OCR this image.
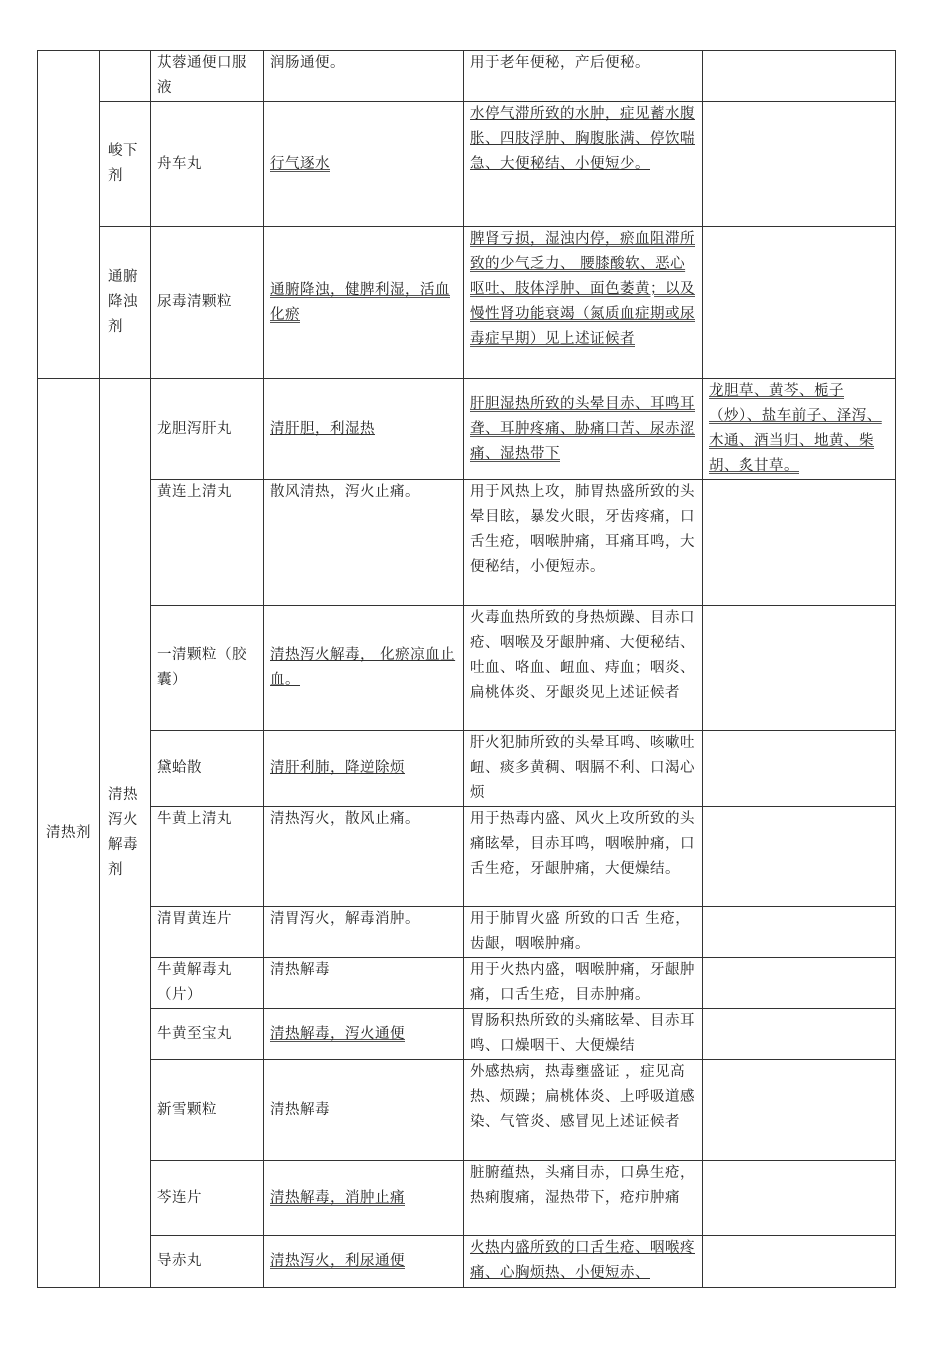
		苁蓉通便口服液	润肠通便。	用于老年便秘，产后便秘。	
	峻下剂	舟车丸	行气逐水	水停气滞所致的水肿，症见蓄水腹胀、四肢浮肿、胸腹胀满、停饮喘急、大便秘结、小便短少。	
	通腑降浊剂	尿毒清颗粒	通腑降浊，健脾利湿，活血化瘀	脾肾亏损，湿浊内停，瘀血阻滞所致的少气乏力、 腰膝酸软、恶心呕吐、肢体浮肿、面色萎黄；以及慢性肾功能衰竭（氮质血症期或尿毒症早期）见上述证候者	
清热剂	清热泻火解毒剂	龙胆泻肝丸	清肝胆，利湿热	肝胆湿热所致的头晕目赤、耳鸣耳聋、耳肿疼痛、胁痛口苦、尿赤涩痛、湿热带下	龙胆草、黄芩、栀子（炒）、盐车前子、泽泻、木通、酒当归、地黄、柴胡、炙甘草。
		黄连上清丸	散风清热，泻火止痛。	用于风热上攻，肺胃热盛所致的头晕目眩，暴发火眼，牙齿疼痛，口舌生疮，咽喉肿痛，耳痛耳鸣，大便秘结，小便短赤。	
		一清颗粒（胶囊）	清热泻火解毒， 化瘀凉血止血。	火毒血热所致的身热烦躁、目赤口疮、咽喉及牙龈肿痛、大便秘结、吐血、咯血、衄血、痔血；咽炎、扁桃体炎、牙龈炎见上述证候者	
		黛蛤散	清肝利肺，降逆除烦	肝火犯肺所致的头晕耳鸣、咳嗽吐衄、痰多黄稠、咽膈不利、口渴心烦	
		牛黄上清丸	清热泻火，散风止痛。	用于热毒内盛、风火上攻所致的头痛眩晕，目赤耳鸣，咽喉肿痛，口舌生疮，牙龈肿痛，大便燥结。	
		清胃黄连片	清胃泻火，解毒消肿。	用于肺胃火盛 所致的口舌 生疮，齿龈，咽喉肿痛。	
		牛黄解毒丸（片）	清热解毒	用于火热内盛，咽喉肿痛，牙龈肿痛，口舌生疮，目赤肿痛。	
		牛黄至宝丸	清热解毒，泻火通便	胃肠积热所致的头痛眩晕、目赤耳鸣、口燥咽干、大便燥结	
		新雪颗粒	清热解毒	外感热病，热毒壅盛证 ，症见高热、烦躁；扁桃体炎、上呼吸道感染、气管炎、感冒见上述证候者	
		芩连片	清热解毒，消肿止痛	脏腑蕴热，头痛目赤，口鼻生疮，热痢腹痛，湿热带下，疮疖肿痛	
		导赤丸	清热泻火，利尿通便	火热内盛所致的口舌生疮、咽喉疼痛、心胸烦热、小便短赤、	
